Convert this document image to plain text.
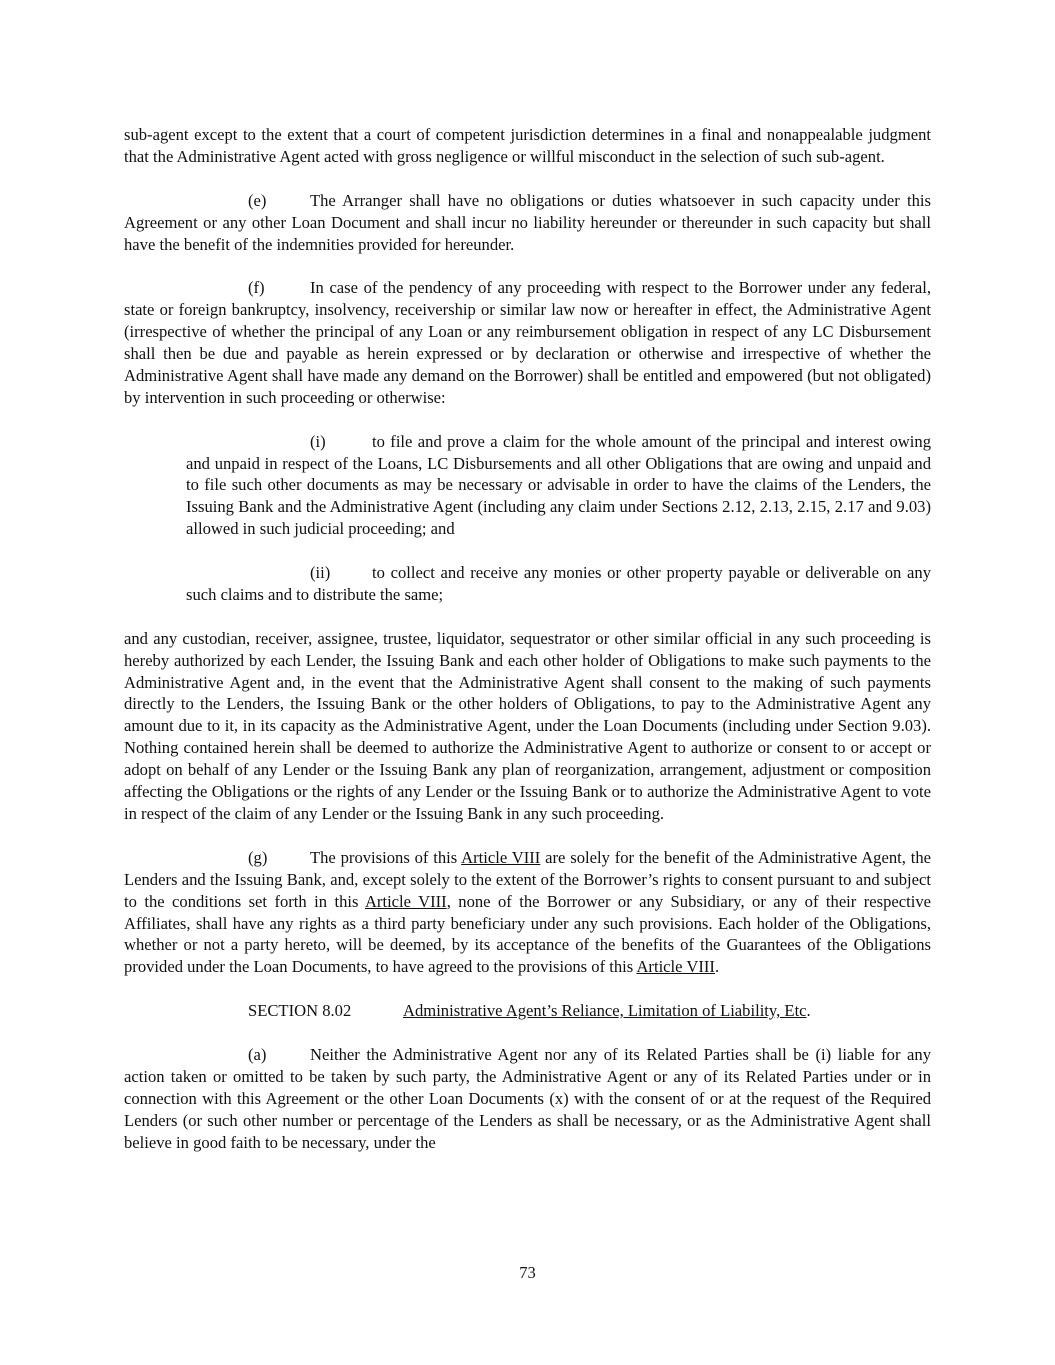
sub-agent except to the extent that a court of competent jurisdiction determines in a final and nonappealable judgment that the Administrative Agent acted with gross negligence or willful misconduct in the selection of such sub-agent.

(e)	The Arranger shall have no obligations or duties whatsoever in such capacity under this Agreement or any other Loan Document and shall incur no liability hereunder or thereunder in such capacity but shall have the benefit of the indemnities provided for hereunder.

(f)	In case of the pendency of any proceeding with respect to the Borrower under any federal, state or foreign bankruptcy, insolvency, receivership or similar law now or hereafter in effect, the Administrative Agent (irrespective of whether the principal of any Loan or any reimbursement obligation in respect of any LC Disbursement shall then be due and payable as herein expressed or by declaration or otherwise and irrespective of whether the Administrative Agent shall have made any demand on the Borrower) shall be entitled and empowered (but not obligated) by intervention in such proceeding or otherwise:

(i)	to file and prove a claim for the whole amount of the principal and interest owing and unpaid in respect of the Loans, LC Disbursements and all other Obligations that are owing and unpaid and to file such other documents as may be necessary or advisable in order to have the claims of the Lenders, the Issuing Bank and the Administrative Agent (including any claim under Sections 2.12, 2.13, 2.15, 2.17 and 9.03) allowed in such judicial proceeding; and

(ii)	to collect and receive any monies or other property payable or deliverable on any such claims and to distribute the same;

and any custodian, receiver, assignee, trustee, liquidator, sequestrator or other similar official in any such proceeding is hereby authorized by each Lender, the Issuing Bank and each other holder of Obligations to make such payments to the Administrative Agent and, in the event that the Administrative Agent shall consent to the making of such payments directly to the Lenders, the Issuing Bank or the other holders of Obligations, to pay to the Administrative Agent any amount due to it, in its capacity as the Administrative Agent, under the Loan Documents (including under Section 9.03). Nothing contained herein shall be deemed to authorize the Administrative Agent to authorize or consent to or accept or adopt on behalf of any Lender or the Issuing Bank any plan of reorganization, arrangement, adjustment or composition affecting the Obligations or the rights of any Lender or the Issuing Bank or to authorize the Administrative Agent to vote in respect of the claim of any Lender or the Issuing Bank in any such proceeding.

(g)	The provisions of this Article VIII are solely for the benefit of the Administrative Agent, the Lenders and the Issuing Bank, and, except solely to the extent of the Borrower’s rights to consent pursuant to and subject to the conditions set forth in this Article VIII, none of the Borrower or any Subsidiary, or any of their respective Affiliates, shall have any rights as a third party beneficiary under any such provisions. Each holder of the Obligations, whether or not a party hereto, will be deemed, by its acceptance of the benefits of the Guarantees of the Obligations provided under the Loan Documents, to have agreed to the provisions of this Article VIII.

SECTION 8.02	Administrative Agent’s Reliance, Limitation of Liability, Etc.

(a)	Neither the Administrative Agent nor any of its Related Parties shall be (i) liable for any action taken or omitted to be taken by such party, the Administrative Agent or any of its Related Parties under or in connection with this Agreement or the other Loan Documents (x) with the consent of or at the request of the Required Lenders (or such other number or percentage of the Lenders as shall be necessary, or as the Administrative Agent shall believe in good faith to be necessary, under the

73
